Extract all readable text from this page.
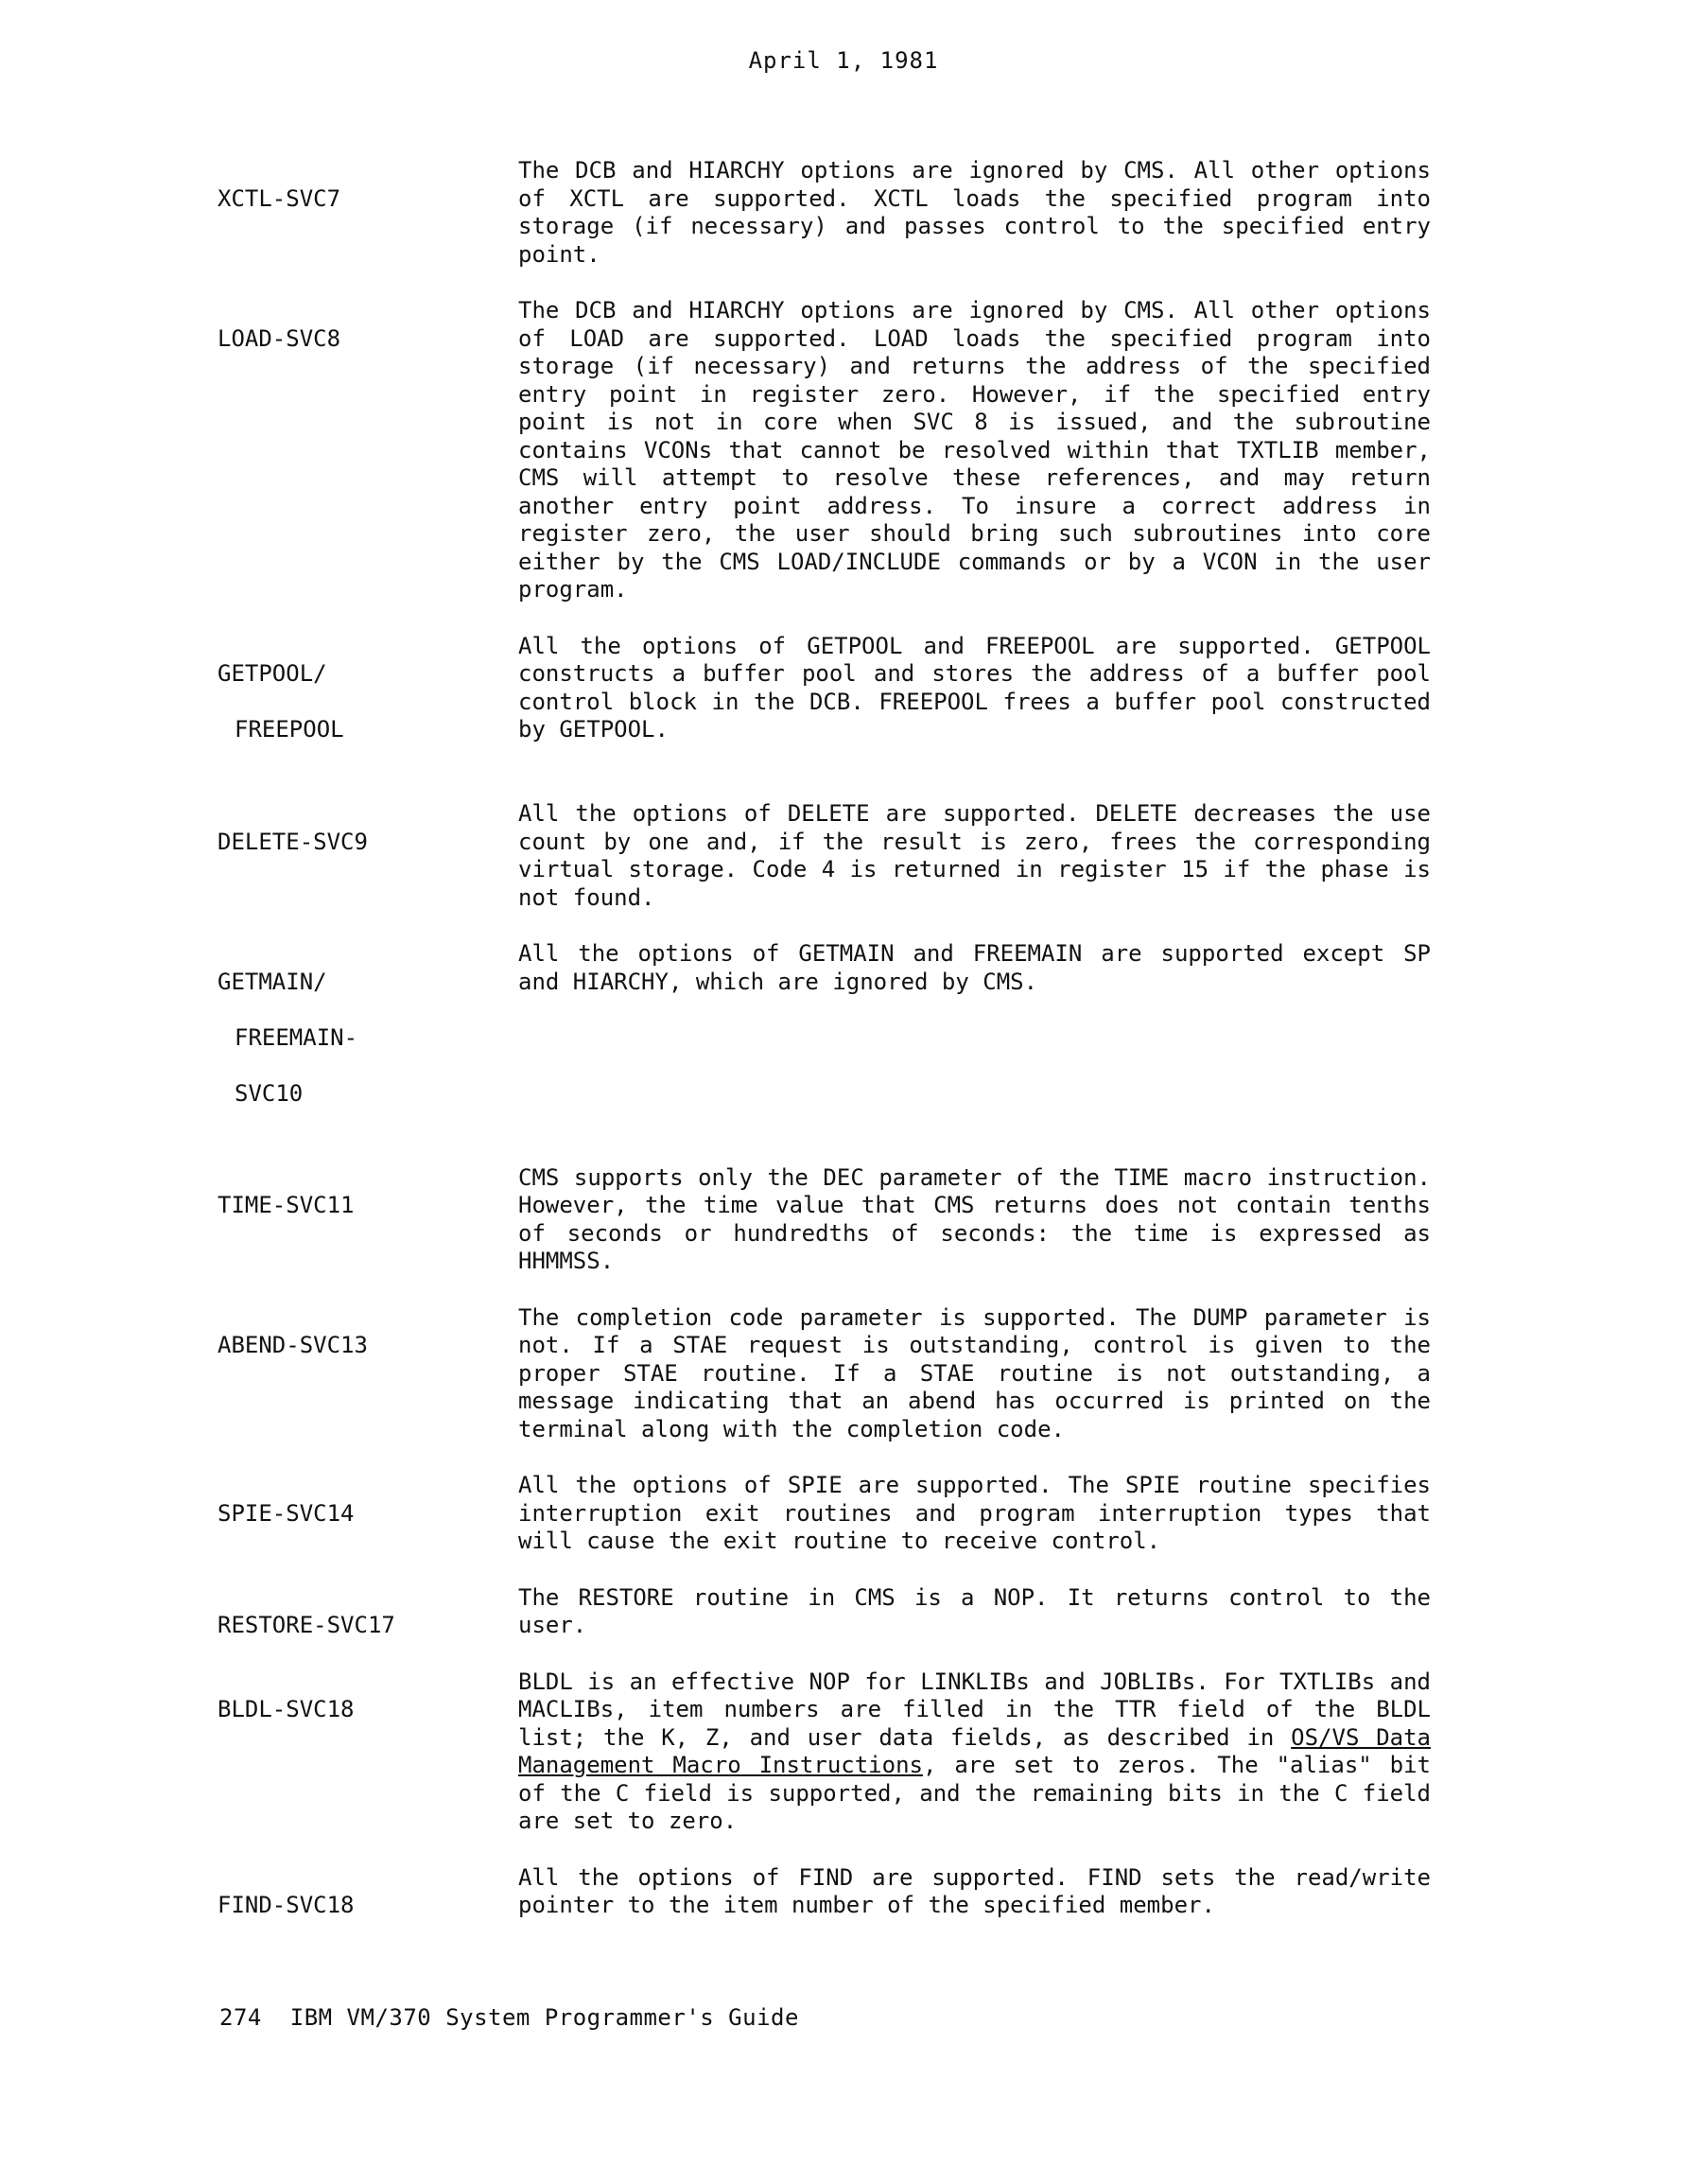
April 1, 1981

XCTL-SVC7

The DCB and HIARCHY options are ignored by CMS. All other options of XCTL are supported. XCTL loads the specified program into storage (if necessary) and passes control to the specified entry point.

LOAD-SVC8

The DCB and HIARCHY options are ignored by CMS. All other options of LOAD are supported. LOAD loads the specified program into storage (if necessary) and returns the address of the specified entry point in register zero. However, if the specified entry point is not in core when SVC 8 is issued, and the subroutine contains VCONs that cannot be resolved within that TXTLIB member, CMS will attempt to resolve these references, and may return another entry point address. To insure a correct address in register zero, the user should bring such subroutines into core either by the CMS LOAD/INCLUDE commands or by a VCON in the user program.

GETPOOL/

FREEPOOL

All the options of GETPOOL and FREEPOOL are supported. GETPOOL constructs a buffer pool and stores the address of a buffer pool control block in the DCB. FREEPOOL frees a buffer pool constructed by GETPOOL.

DELETE-SVC9

All the options of DELETE are supported. DELETE decreases the use count by one and, if the result is zero, frees the corresponding virtual storage. Code 4 is returned in register 15 if the phase is not found.

GETMAIN/

FREEMAIN-

SVC10

All the options of GETMAIN and FREEMAIN are supported except SP and HIARCHY, which are ignored by CMS.

TIME-SVC11

CMS supports only the DEC parameter of the TIME macro instruction. However, the time value that CMS returns does not contain tenths of seconds or hundredths of seconds: the time is expressed as HHMMSS.

ABEND-SVC13

The completion code parameter is supported. The DUMP parameter is not. If a STAE request is outstanding, control is given to the proper STAE routine. If a STAE routine is not outstanding, a message indicating that an abend has occurred is printed on the terminal along with the completion code.

SPIE-SVC14

All the options of SPIE are supported. The SPIE routine specifies interruption exit routines and program interruption types that will cause the exit routine to receive control.

RESTORE-SVC17

The RESTORE routine in CMS is a NOP. It returns control to the user.

BLDL-SVC18

BLDL is an effective NOP for LINKLIBs and JOBLIBs. For TXTLIBs and MACLIBs, item numbers are filled in the TTR field of the BLDL list; the K, Z, and user data fields, as described in OS/VS Data Management Macro Instructions, are set to zeros. The "alias" bit of the C field is supported, and the remaining bits in the C field are set to zero.

FIND-SVC18

All the options of FIND are supported. FIND sets the read/write pointer to the item number of the specified member.
274  IBM VM/370 System Programmer's Guide
